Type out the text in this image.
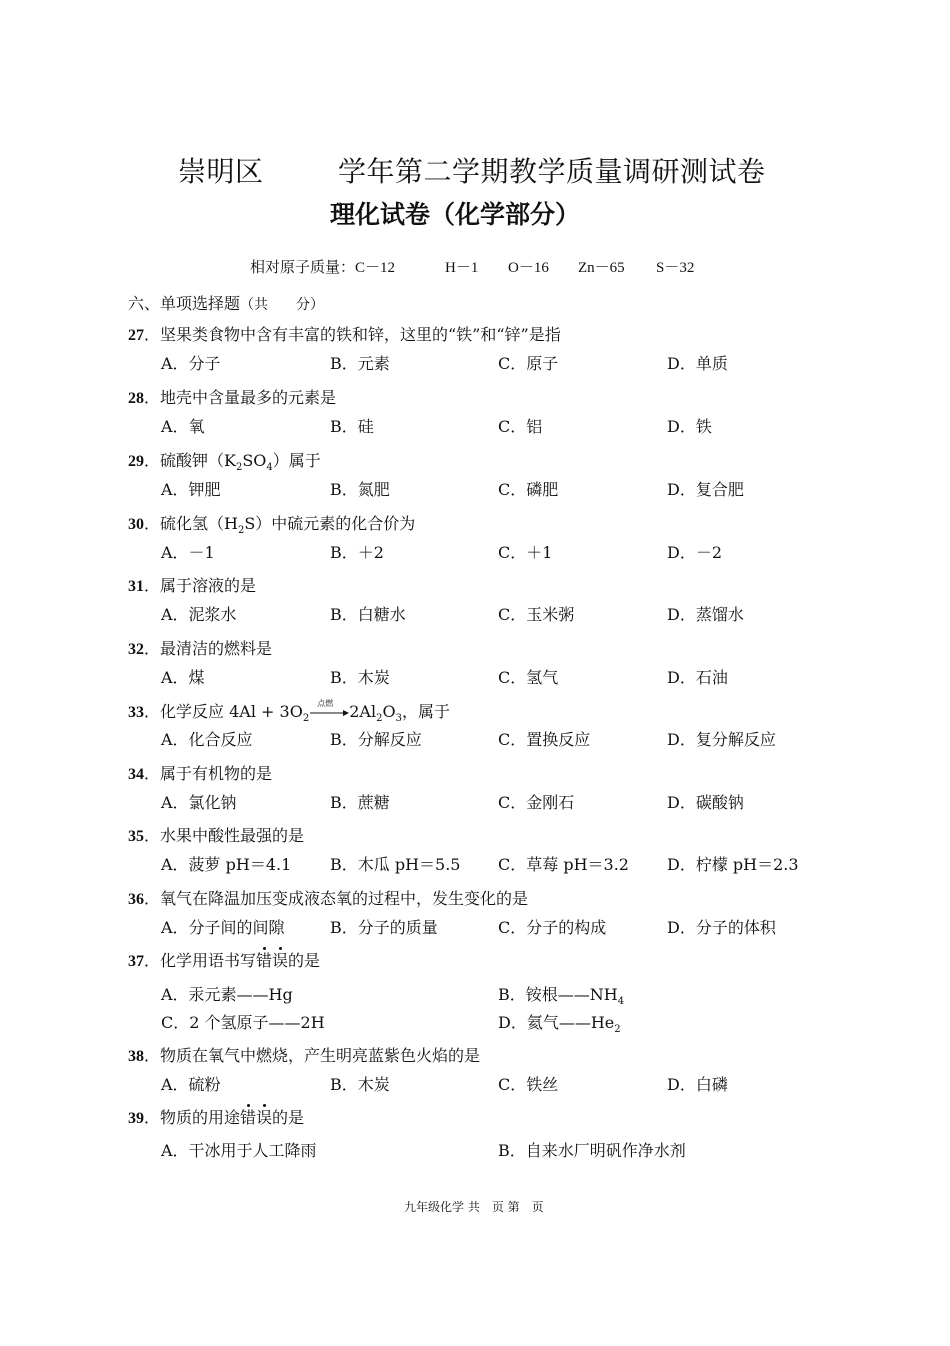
崇明区	学年第二学期教学质量调研测试卷
理化试卷（化学部分）
相对原子质量：C－12	H－1 O－16 Zn－65 S－32
六、单项选择题（共　　分）
27．坚果类食物中含有丰富的铁和锌，这里的“铁”和“锌”是指
A．分子	B．元素	C．原子	D．单质
28．地壳中含量最多的元素是
A．氧	B．硅	C．铝	D．铁
29．硫酸钾$(K_2SO_4)$属于
A．钾肥	B．氮肥	C．磷肥	D．复合肥
30．硫化氢$(H_2S)$中硫元素的化合价为
A．－1	B．＋2	C．＋1	D．－2
31．属于溶液的是
A．泥浆水	B．白糖水	C．玉米粥	D．蒸馏水
32．最清洁的燃料是
A．煤	B．木炭	C．氢气	D．石油
33．化学反应 $4Al + 3O_2$
点燃 $2Al_2O_3$，属于
A．化合反应	B．分解反应	C．置换反应	D．复分解反应
34．属于有机物的是
A．氯化钠	B．蔗糖	C．金刚石	D．碳酸钠
35．水果中酸性最强的是
A．菠萝 pH＝4.1 B．木瓜 pH＝5.5 C．草莓 pH＝3.2 D．柠檬 pH＝2.3
36．氧气在降温加压变成液态氧的过程中，发生变化的是
A．分子间的间隙	B．分子的质量	C．分子的构成	D．分子的体积
37．化学用语书写错误的是
A．汞元素——Hg	B．铵根$——NH_4$
C．2 个氢原子——2H	D．氦气$——He_2$
38．物质在氧气中燃烧，产生明亮蓝紫色火焰的是
A．硫粉	B．木炭	C．铁丝	D．白磷
39．物质的用途错误的是
A．干冰用于人工降雨	B．自来水厂明矾作净水剂
九年级化学 共　页 第　页
